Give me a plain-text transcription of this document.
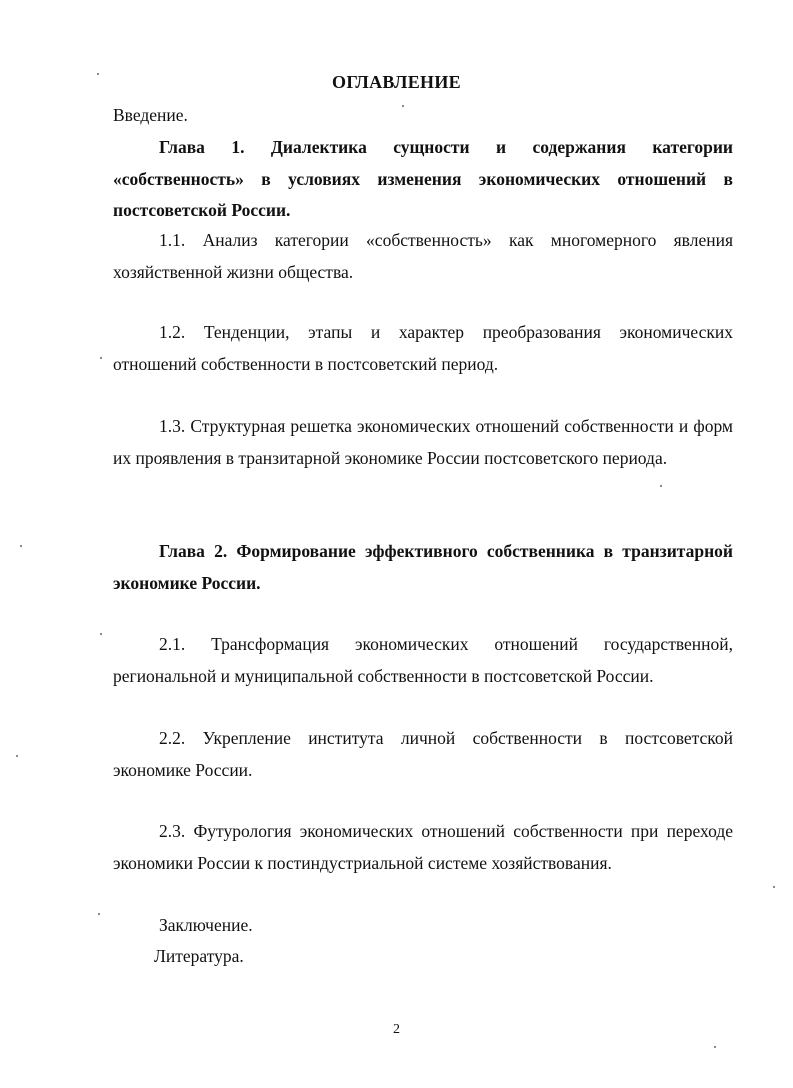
ОГЛАВЛЕНИЕ

Введение.

Глава 1. Диалектика сущности и содержания категории «собственность» в условиях изменения экономических отношений в постсоветской России.

1.1. Анализ категории «собственность» как многомерного явления хозяйственной жизни общества.

1.2. Тенденции, этапы и характер преобразования экономических отношений собственности в постсоветский период.

1.3. Структурная решетка экономических отношений собственности и форм их проявления в транзитарной экономике России постсоветского периода.

Глава 2. Формирование эффективного собственника в транзитарной экономике России.

2.1. Трансформация экономических отношений государственной, региональной и муниципальной собственности в постсоветской России.

2.2. Укрепление института личной собственности в постсоветской экономике России.

2.3. Футурология экономических отношений собственности при переходе экономики России к постиндустриальной системе хозяйствования.

Заключение.

Литература.

2
